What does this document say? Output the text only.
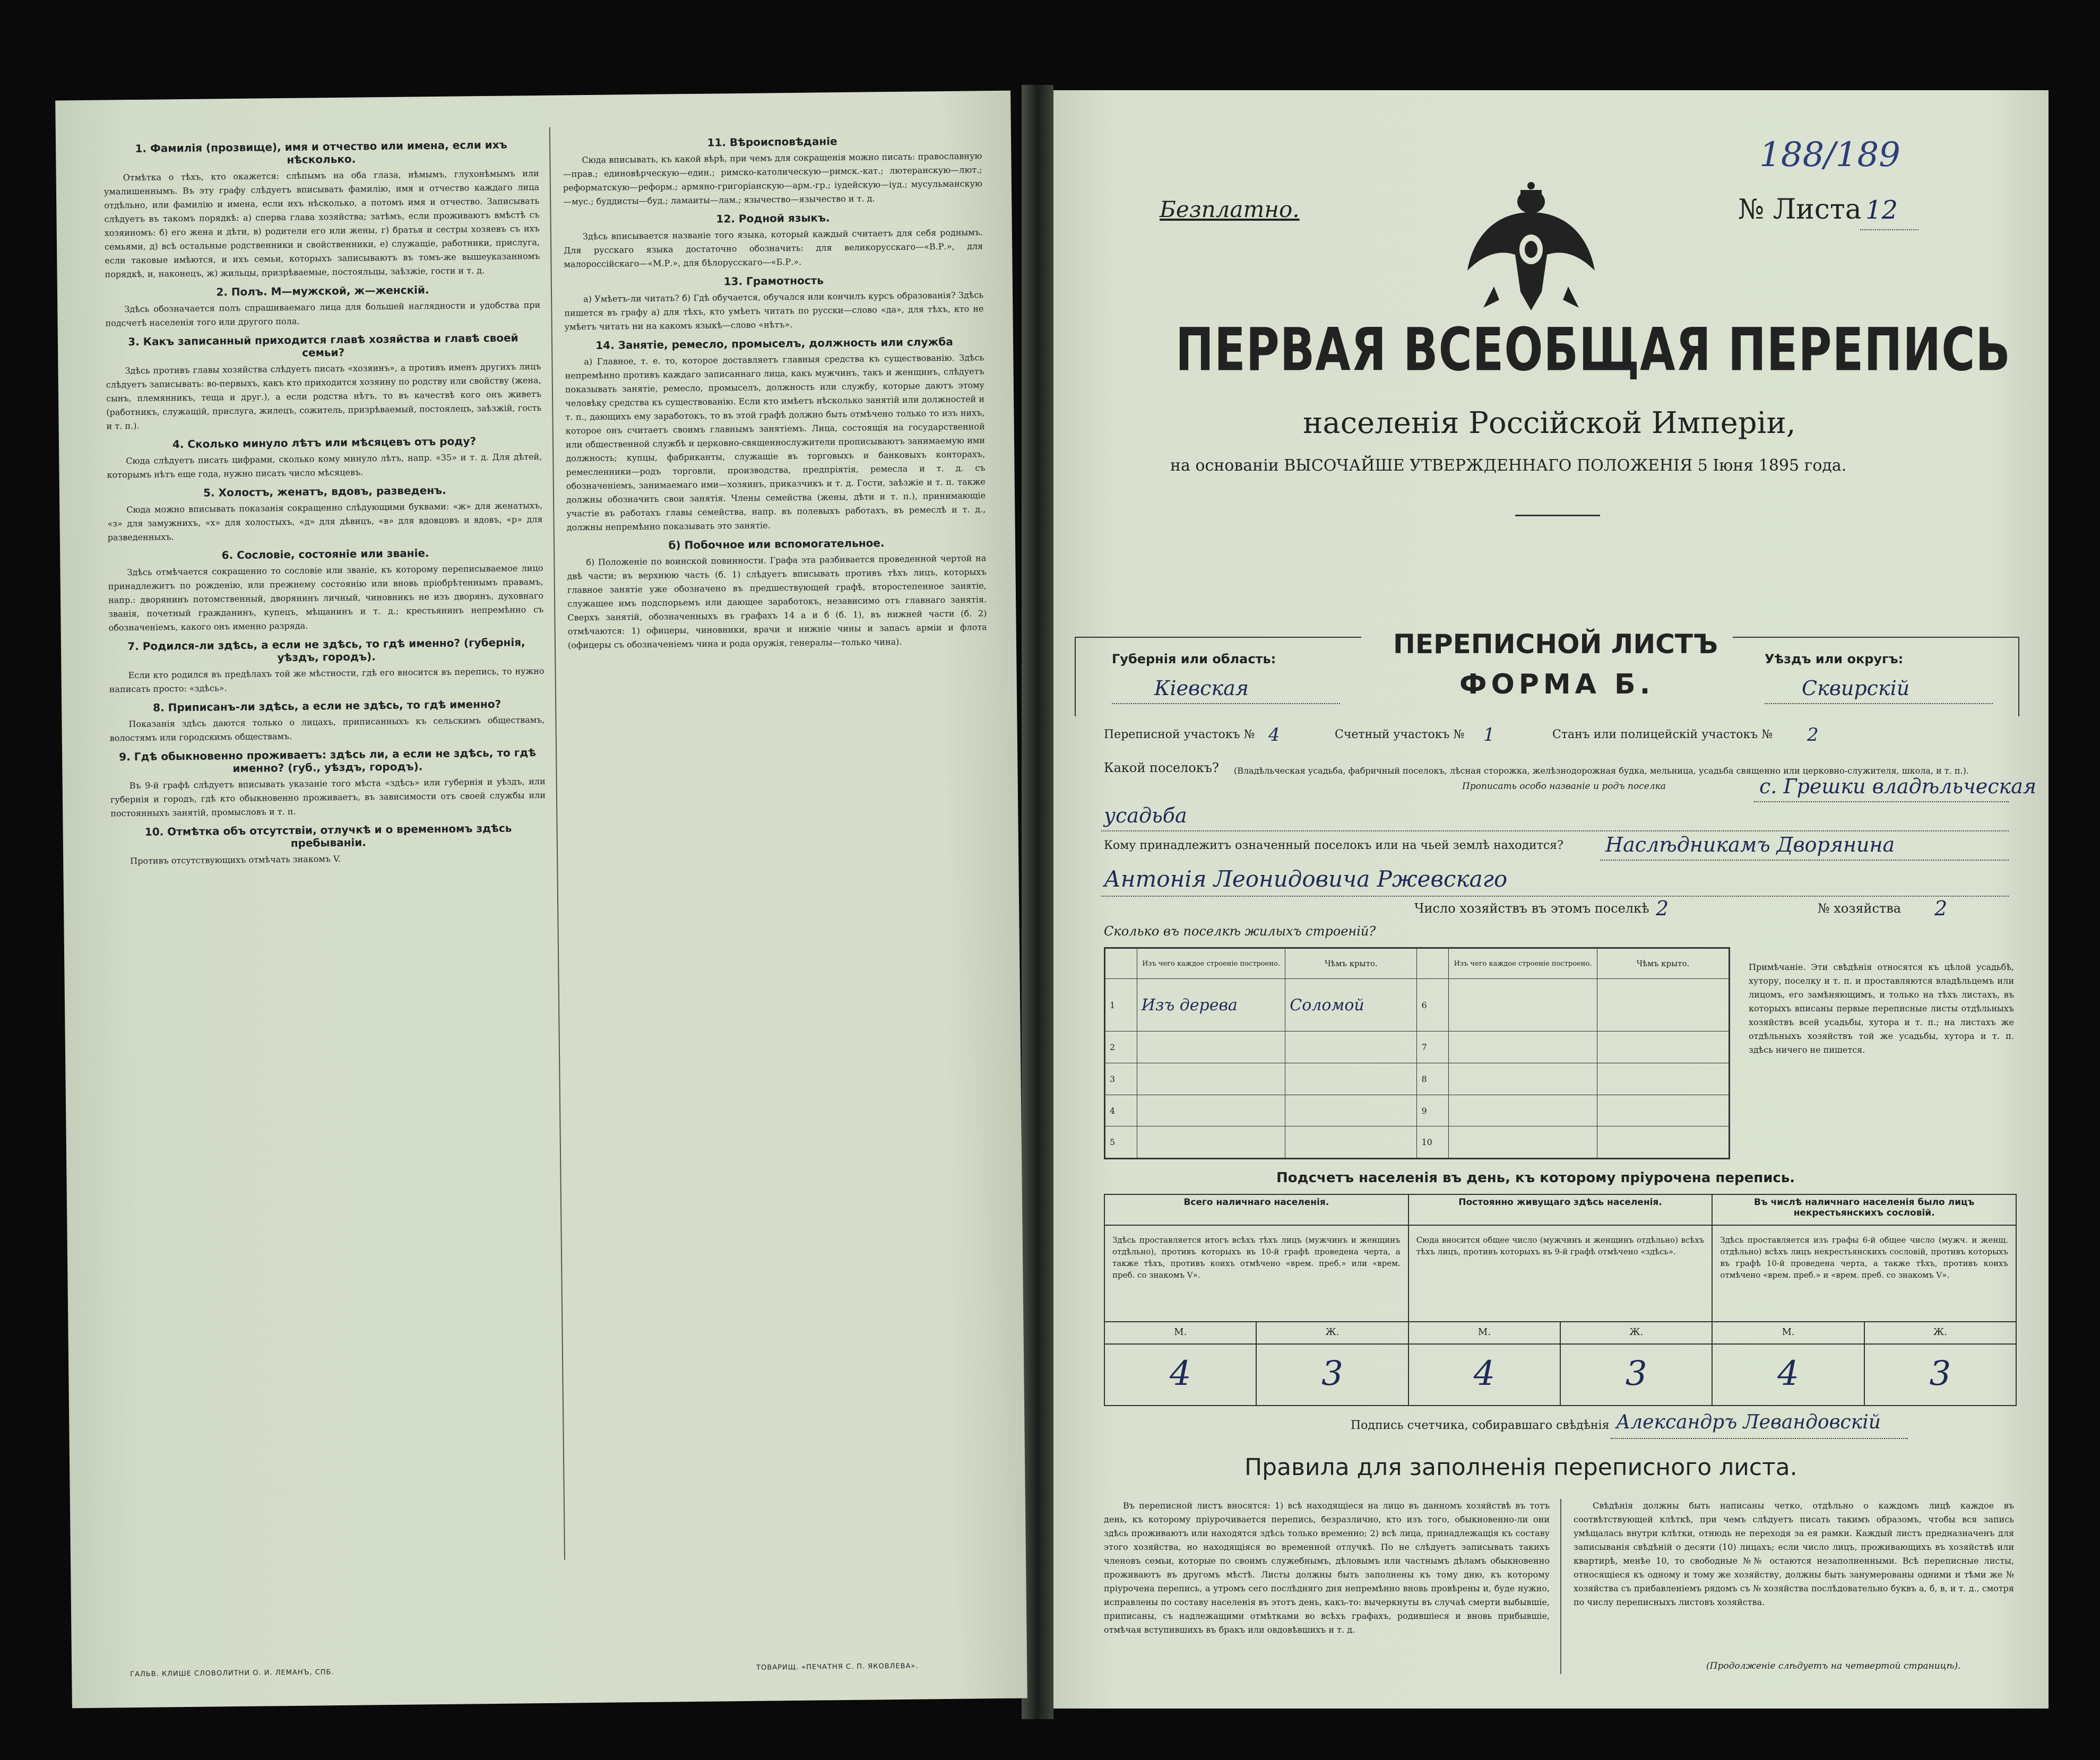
1. Фамилія (прозвище), имя и отчество или имена, если ихъ нѣсколько.

Отмѣтка о тѣхъ, кто окажется: слѣпымъ на оба глаза, нѣмымъ, глухонѣмымъ или умалишеннымъ. Въ эту графу слѣдуетъ вписывать фамилію, имя и отчество каждаго лица отдѣльно, или фамилію и имена, если ихъ нѣсколько, а потомъ имя и отчество. Записывать слѣдуетъ въ такомъ порядкѣ: а) сперва глава хозяйства; затѣмъ, если проживаютъ вмѣстѣ съ хозяиномъ: б) его жена и дѣти, в) родители его или жены, г) братья и сестры хозяевъ съ ихъ семьями, д) всѣ остальные родственники и свойственники, е) служащіе, работники, прислуга, если таковые имѣются, и ихъ семьи, которыхъ записываютъ въ томъ-же вышеуказанномъ порядкѣ, и, наконецъ, ж) жильцы, призрѣваемые, постояльцы, заѣзжіе, гости и т. д.

2. Полъ. М—мужской, ж—женскій.

Здѣсь обозначается полъ спрашиваемаго лица для большей наглядности и удобства при подсчетѣ населенія того или другого пола.

3. Какъ записанный приходится главѣ хозяйства и главѣ своей семьи?

Здѣсь противъ главы хозяйства слѣдуетъ писать «хозяинъ», а противъ именъ другихъ лицъ слѣдуетъ записывать: во-первыхъ, какъ кто приходится хозяину по родству или свойству (жена, сынъ, племянникъ, теща и друг.), а если родства нѣтъ, то въ качествѣ кого онъ живетъ (работникъ, служащій, прислуга, жилецъ, сожитель, призрѣваемый, постоялецъ, заѣзжій, гость и т. п.).

4. Сколько минуло лѣтъ или мѣсяцевъ отъ роду?

Сюда слѣдуетъ писать цифрами, сколько кому минуло лѣтъ, напр. «35» и т. д. Для дѣтей, которымъ нѣтъ еще года, нужно писать число мѣсяцевъ.

5. Холостъ, женатъ, вдовъ, разведенъ.

Сюда можно вписывать показанія сокращенно слѣдующими буквами: «ж» для женатыхъ, «з» для замужнихъ, «х» для холостыхъ, «д» для дѣвицъ, «в» для вдовцовъ и вдовъ, «р» для разведенныхъ.

6. Сословіе, состояніе или званіе.

Здѣсь отмѣчается сокращенно то сословіе или званіе, къ которому переписываемое лицо принадлежитъ по рожденію, или прежнему состоянію или вновь пріобрѣтеннымъ правамъ, напр.: дворянинъ потомственный, дворянинъ личный, чиновникъ не изъ дворянъ, духовнаго званія, почетный гражданинъ, купецъ, мѣщанинъ и т. д.; крестьянинъ непремѣнно съ обозначеніемъ, какого онъ именно разряда.

7. Родился-ли здѣсь, а если не здѣсь, то гдѣ именно? (губернія, уѣздъ, городъ).

Если кто родился въ предѣлахъ той же мѣстности, гдѣ его вносится въ перепись, то нужно написать просто: «здѣсь».

8. Приписанъ-ли здѣсь, а если не здѣсь, то гдѣ именно?

Показанія здѣсь даются только о лицахъ, приписанныхъ къ сельскимъ обществамъ, волостямъ или городскимъ обществамъ.

9. Гдѣ обыкновенно проживаетъ: здѣсь ли, а если не здѣсь, то гдѣ именно? (губ., уѣздъ, городъ).

Въ 9-й графѣ слѣдуетъ вписывать указаніе того мѣста «здѣсь» или губернія и уѣздъ, или губернія и городъ, гдѣ кто обыкновенно проживаетъ, въ зависимости отъ своей службы или постоянныхъ занятій, промысловъ и т. п.

10. Отмѣтка объ отсутствіи, отлучкѣ и о временномъ здѣсь пребываніи.

Противъ отсутствующихъ отмѣчать знакомъ V.

11. Вѣроисповѣданіе

Сюда вписывать, къ какой вѣрѣ, при чемъ для сокращенія можно писать: православную—прав.; единовѣрческую—един.; римско-католическую—римск.-кат.; лютеранскую—лют.; реформатскую—реформ.; армяно-григоріанскую—арм.-гр.; іудейскую—іуд.; мусульманскую—мус.; буддисты—буд.; ламаиты—лам.; язычество—язычество и т. д.

12. Родной языкъ.

Здѣсь вписывается названіе того языка, который каждый считаетъ для себя роднымъ. Для русскаго языка достаточно обозначить: для великорусскаго—«В.Р.», для малороссійскаго—«М.Р.», для бѣлорусскаго—«Б.Р.».

13. Грамотность

а) Умѣетъ-ли читать? б) Гдѣ обучается, обучался или кончилъ курсъ образованія? Здѣсь пишется въ графу а) для тѣхъ, кто умѣетъ читать по русски—слово «да», для тѣхъ, кто не умѣетъ читать ни на какомъ языкѣ—слово «нѣтъ».

14. Занятіе, ремесло, промыселъ, должность или служба

а) Главное, т. е. то, которое доставляетъ главныя средства къ существованію. Здѣсь непремѣнно противъ каждаго записаннаго лица, какъ мужчинъ, такъ и женщинъ, слѣдуетъ показывать занятіе, ремесло, промыселъ, должность или службу, которые даютъ этому человѣку средства къ существованію. Если кто имѣетъ нѣсколько занятій или должностей и т. п., дающихъ ему заработокъ, то въ этой графѣ должно быть отмѣчено только то изъ нихъ, которое онъ считаетъ своимъ главнымъ занятіемъ. Лица, состоящія на государственной или общественной службѣ и церковно-священнослужители прописываютъ занимаемую ими должность; купцы, фабриканты, служащіе въ торговыхъ и банковыхъ конторахъ, ремесленники—родъ торговли, производства, предпріятія, ремесла и т. д. съ обозначеніемъ, занимаемаго ими—хозяинъ, приказчикъ и т. д. Гости, заѣзжіе и т. п. также должны обозначить свои занятія. Члены семейства (жены, дѣти и т. п.), принимающіе участіе въ работахъ главы семейства, напр. въ полевыхъ работахъ, въ ремеслѣ и т. д., должны непремѣнно показывать это занятіе.

б) Побочное или вспомогательное.

б) Положеніе по воинской повинности. Графа эта разбивается проведенной чертой на двѣ части; въ верхнюю часть (б. 1) слѣдуетъ вписывать противъ тѣхъ лицъ, которыхъ главное занятіе уже обозначено въ предшествующей графѣ, второстепенное занятіе, служащее имъ подспорьемъ или дающее заработокъ, независимо отъ главнаго занятія. Сверхъ занятій, обозначенныхъ въ графахъ 14 а и б (б. 1), въ нижней части (б. 2) отмѣчаются: 1) офицеры, чиновники, врачи и нижніе чины и запасъ арміи и флота (офицеры съ обозначеніемъ чина и рода оружія, генералы—только чина).

ГАЛЬВ. КЛИШЕ СЛОВОЛИТНИ О. И. ЛЕМАНЪ, СПБ.
ТОВАРИЩ. «ПЕЧАТНЯ С. П. ЯКОВЛЕВА».
188/189
Безплатно.	№ Листа 12
ПЕРВАЯ ВСЕОБЩАЯ ПЕРЕПИСЬ
населенія Россійской Имперіи,
на основаніи ВЫСОЧАЙШЕ УТВЕРЖДЕННАГО ПОЛОЖЕНІЯ 5 Іюня 1895 года.
Губернія или область:
Кіевская
ПЕРЕПИСНОЙ ЛИСТЪ
ФОРМА Б.
Уѣздъ или округъ:
Сквирскій
Переписной участокъ № 4	Счетный участокъ № 1	Станъ или полицейскій участокъ № 2
Какой поселокъ? (Владѣльческая усадьба, фабричный поселокъ, лѣсная сторожка, желѣзнодорожная будка, мельница, усадьба священно или церковно-служителя, школа, и т. п.).
Прописать особо названіе и родъ поселка	с. Грешки владѣльческая
усадьба
Кому принадлежитъ означенный поселокъ или на чьей землѣ находится? Наслѣдникамъ Дворянина
Антонія Леонидовича Ржевскаго
Число хозяйствъ въ этомъ поселкѣ 2	№ хозяйства 2
Сколько въ поселкѣ жилыхъ строеній?
	Изъ чего каждое строеніе построено.	Чѣмъ крыто.		Изъ чего каждое строеніе построено.	Чѣмъ крыто.
1	Изъ дерева	Соломой	6		
2			7		
3			8		
4			9		
5			10		
Примѣчаніе. Эти свѣдѣнія относятся къ цѣлой усадьбѣ, хутору, поселку и т. п. и проставляются владѣльцемъ или лицомъ, его замѣняющимъ, и только на тѣхъ листахъ, въ которыхъ вписаны первые переписные листы отдѣльныхъ хозяйствъ всей усадьбы, хутора и т. п.; на листахъ же отдѣльныхъ хозяйствъ той же усадьбы, хутора и т. п. здѣсь ничего не пишется.
Подсчетъ населенія въ день, къ которому пріурочена перепись.
Всего наличнаго населенія.
Здѣсь проставляется итогъ всѣхъ тѣхъ лицъ (мужчинъ и женщинъ отдѣльно), противъ которыхъ въ 10-й графѣ проведена черта, а также тѣхъ, противъ коихъ отмѣчено «врем. преб.» или «врем. преб. со знакомъ V».
М.	Ж.
4	3
Постоянно живущаго здѣсь населенія.
Сюда вносится общее число (мужчинъ и женщинъ отдѣльно) всѣхъ тѣхъ лицъ, противъ которыхъ въ 9-й графѣ отмѣчено «здѣсь».
М.	Ж.
4	3
Въ числѣ наличнаго населенія было лицъ некрестьянскихъ сословій.
Здѣсь проставляется изъ графы 6-й общее число (мужч. и женщ. отдѣльно) всѣхъ лицъ некрестьянскихъ сословій, противъ которыхъ въ графѣ 10-й проведена черта, а также тѣхъ, противъ коихъ отмѣчено «врем. преб.» и «врем. преб. со знакомъ V».
М.	Ж.
4	3
Подпись счетчика, собиравшаго свѣдѣнія Александръ Левандовскій
Правила для заполненія переписного листа.
Въ переписной листъ вносятся: 1) всѣ находящіеся на лицо въ данномъ хозяйствѣ въ тотъ день, къ которому пріурочивается перепись, безразлично, кто изъ того, обыкновенно-ли они здѣсь проживаютъ или находятся здѣсь только временно; 2) всѣ лица, принадлежащія къ составу этого хозяйства, но находящіяся во временной отлучкѣ. По не слѣдуетъ записывать такихъ членовъ семьи, которые по своимъ служебнымъ, дѣловымъ или частнымъ дѣламъ обыкновенно проживаютъ въ другомъ мѣстѣ. Листы должны быть заполнены къ тому дню, къ которому пріурочена перепись, а утромъ сего послѣдняго дня непремѣнно вновь провѣрены и, буде нужно, исправлены по составу населенія въ этотъ день, какъ-то: вычеркнуты въ случаѣ смерти выбывшіе, приписаны, съ надлежащими отмѣтками во всѣхъ графахъ, родившіеся и вновь прибывшіе, отмѣчая вступившихъ въ бракъ или овдовѣвшихъ и т. д.
Свѣдѣнія должны быть написаны четко, отдѣльно о каждомъ лицѣ каждое въ соотвѣтствующей клѣткѣ, при чемъ слѣдуетъ писать такимъ образомъ, чтобы вся запись умѣщалась внутри клѣтки, отнюдь не переходя за ея рамки. Каждый листъ предназначенъ для записыванія свѣдѣній о десяти (10) лицахъ; если число лицъ, проживающихъ въ хозяйствѣ или квартирѣ, менѣе 10, то свободные №№ остаются незаполненными. Всѣ переписные листы, относящіеся къ одному и тому же хозяйству, должны быть занумерованы одними и тѣми же № хозяйства съ прибавленіемъ рядомъ съ № хозяйства послѣдовательно буквъ а, б, в, и т. д., смотря по числу переписныхъ листовъ хозяйства.
(Продолженіе слѣдуетъ на четвертой страницѣ).
